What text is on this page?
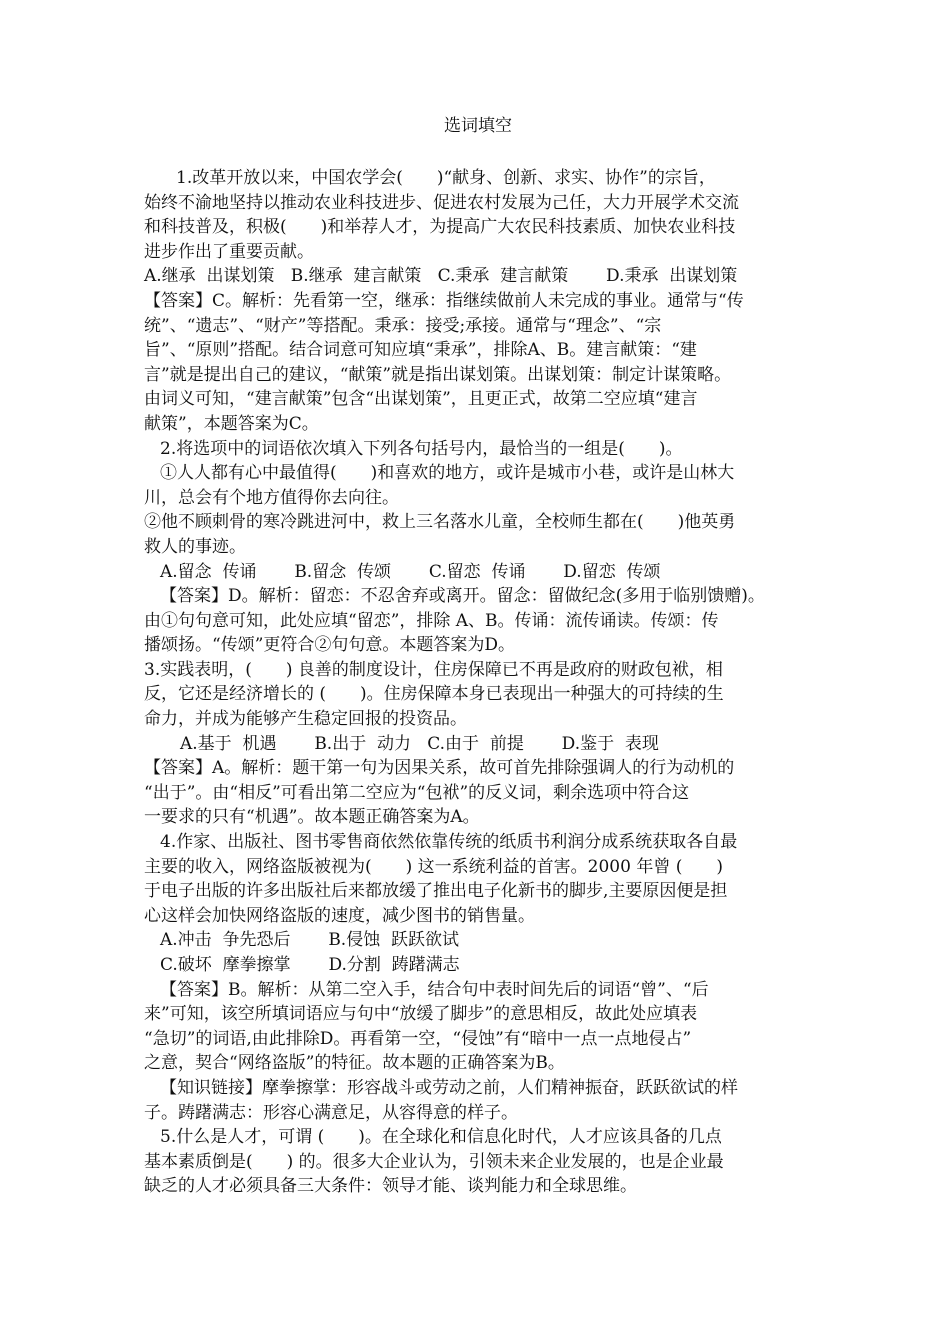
选词填空

1.改革开放以来，中国农学会(　　)“献身、创新、求实、协作”的宗旨，

始终不渝地坚持以推动农业科技进步、促进农村发展为己任，大力开展学术交流

和科技普及，积极(　　)和举荐人才，为提高广大农民科技素质、加快农业科技

进步作出了重要贡献。

A.继承  出谋划策   B.继承  建言献策   C.秉承  建言献策       D.秉承  出谋划策

【答案】C。解析：先看第一空，继承：指继续做前人未完成的事业。通常与“传

统”、“遗志”、“财产”等搭配。秉承：接受;承接。通常与“理念”、“宗

旨”、“原则”搭配。结合词意可知应填“秉承”，排除A、B。建言献策：“建

言”就是提出自己的建议，“献策”就是指出谋划策。出谋划策：制定计谋策略。

由词义可知，“建言献策”包含“出谋划策”，且更正式，故第二空应填“建言

献策”，本题答案为C。

2.将选项中的词语依次填入下列各句括号内，最恰当的一组是(　　)。

①人人都有心中最值得(　　)和喜欢的地方，或许是城市小巷，或许是山林大

川，总会有个地方值得你去向往。

②他不顾刺骨的寒冷跳进河中，救上三名落水儿童，全校师生都在(　　)他英勇

救人的事迹。

A.留念  传诵       B.留念  传颂       C.留恋  传诵       D.留恋  传颂

【答案】D。解析：留恋：不忍舍弃或离开。留念：留做纪念(多用于临别馈赠)。

由①句句意可知，此处应填“留恋”，排除 A、B。传诵：流传诵读。传颂：传

播颂扬。“传颂”更符合②句句意。本题答案为D。

3.实践表明，(　　) 良善的制度设计，住房保障已不再是政府的财政包袱，相

反，它还是经济增长的 (　　)。住房保障本身已表现出一种强大的可持续的生

命力，并成为能够产生稳定回报的投资品。

A.基于  机遇       B.出于  动力   C.由于  前提       D.鉴于  表现

【答案】A。解析：题干第一句为因果关系，故可首先排除强调人的行为动机的

“出于”。由“相反”可看出第二空应为“包袱”的反义词，剩余选项中符合这

一要求的只有“机遇”。故本题正确答案为A。

4.作家、出版社、图书零售商依然依靠传统的纸质书利润分成系统获取各自最

主要的收入，网络盗版被视为(　　) 这一系统利益的首害。2000 年曾 (　　)

于电子出版的许多出版社后来都放缓了推出电子化新书的脚步,主要原因便是担

心这样会加快网络盗版的速度，减少图书的销售量。

A.冲击  争先恐后       B.侵蚀  跃跃欲试

C.破坏  摩拳擦掌       D.分割  踌躇满志

【答案】B。解析：从第二空入手，结合句中表时间先后的词语“曾”、“后

来”可知，该空所填词语应与句中“放缓了脚步”的意思相反，故此处应填表

“急切”的词语,由此排除D。再看第一空，“侵蚀”有“暗中一点一点地侵占”

之意，契合“网络盗版”的特征。故本题的正确答案为B。

【知识链接】摩拳擦掌：形容战斗或劳动之前，人们精神振奋，跃跃欲试的样

子。踌躇满志：形容心满意足，从容得意的样子。

5.什么是人才，可谓 (　　)。在全球化和信息化时代，人才应该具备的几点

基本素质倒是(　　) 的。很多大企业认为，引领未来企业发展的，也是企业最

缺乏的人才必须具备三大条件：领导才能、谈判能力和全球思维。
